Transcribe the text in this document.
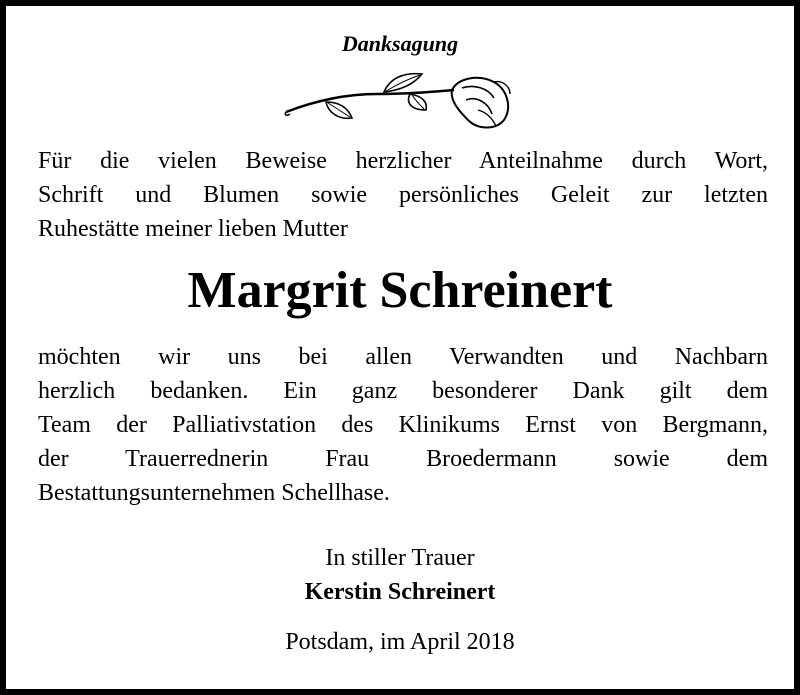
Danksagung
Für die vielen Beweise herzlicher Anteilnahme durch Wort,
Schrift und Blumen sowie persönliches Geleit zur letzten
Ruhestätte meiner lieben Mutter
Margrit Schreinert
möchten wir uns bei allen Verwandten und Nachbarn
herzlich bedanken. Ein ganz besonderer Dank gilt dem
Team der Palliativstation des Klinikums Ernst von Bergmann,
der Trauerrednerin Frau Broedermann sowie dem
Bestattungsunternehmen Schellhase.
In stiller Trauer
Kerstin Schreinert
Potsdam, im April 2018
